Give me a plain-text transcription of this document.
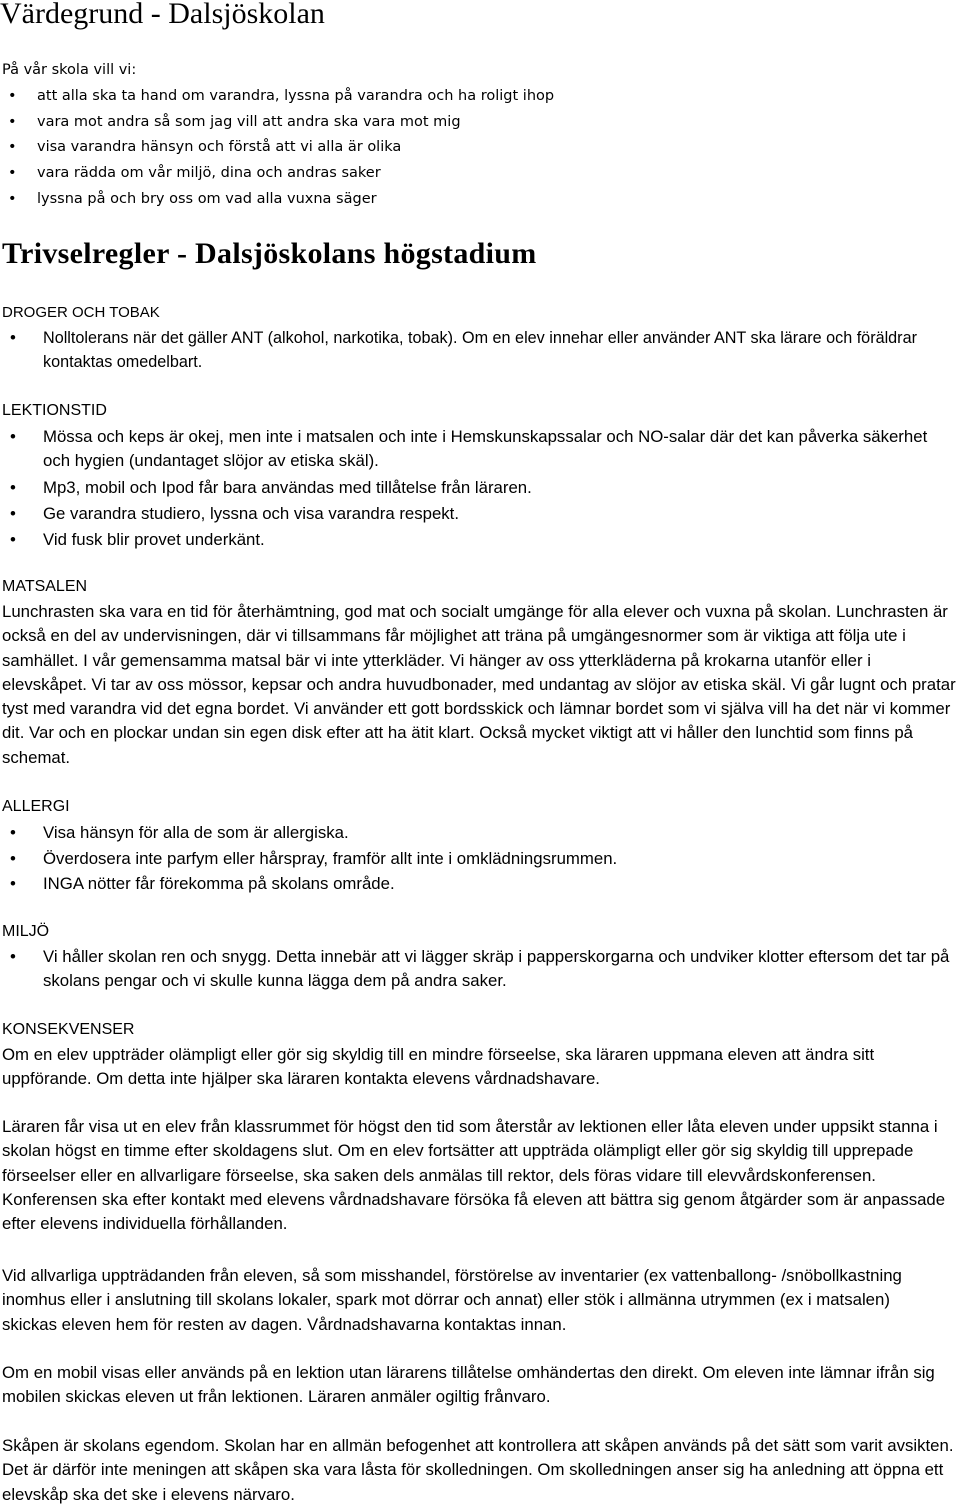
Värdegrund - Dalsjöskolan
På vår skola vill vi:
• att alla ska ta hand om varandra, lyssna på varandra och ha roligt ihop
• vara mot andra så som jag vill att andra ska vara mot mig
• visa varandra hänsyn och förstå att vi alla är olika
• vara rädda om vår miljö, dina och andras saker
• lyssna på och bry oss om vad alla vuxna säger
Trivselregler - Dalsjöskolans högstadium
DROGER OCH TOBAK
• Nolltolerans när det gäller ANT (alkohol, narkotika, tobak). Om en elev innehar eller använder ANT ska lärare och föräldrar kontaktas omedelbart.
LEKTIONSTID
• Mössa och keps är okej, men inte i matsalen och inte i Hemskunskapssalar och NO-salar där det kan påverka säkerhet och hygien (undantaget slöjor av etiska skäl).
• Mp3, mobil och Ipod får bara användas med tillåtelse från läraren.
• Ge varandra studiero, lyssna och visa varandra respekt.
• Vid fusk blir provet underkänt.
MATSALEN
Lunchrasten ska vara en tid för återhämtning, god mat och socialt umgänge för alla elever och vuxna på skolan. Lunchrasten är också en del av undervisningen, där vi tillsammans får möjlighet att träna på umgängesnormer som är viktiga att följa ute i samhället. I vår gemensamma matsal bär vi inte ytterkläder. Vi hänger av oss ytterkläderna på krokarna utanför eller i elevskåpet. Vi tar av oss mössor, kepsar och andra huvudbonader, med undantag av slöjor av etiska skäl. Vi går lugnt och pratar tyst med varandra vid det egna bordet. Vi använder ett gott bordsskick och lämnar bordet som vi själva vill ha det när vi kommer dit. Var och en plockar undan sin egen disk efter att ha ätit klart. Också mycket viktigt att vi håller den lunchtid som finns på schemat.
ALLERGI
• Visa hänsyn för alla de som är allergiska.
• Överdosera inte parfym eller hårspray, framför allt inte i omklädningsrummen.
• INGA nötter får förekomma på skolans område.
MILJÖ
• Vi håller skolan ren och snygg. Detta innebär att vi lägger skräp i papperskorgarna och undviker klotter eftersom det tar på skolans pengar och vi skulle kunna lägga dem på andra saker.
KONSEKVENSER
Om en elev uppträder olämpligt eller gör sig skyldig till en mindre förseelse, ska läraren uppmana eleven att ändra sitt uppförande. Om detta inte hjälper ska läraren kontakta elevens vårdnadshavare.
Läraren får visa ut en elev från klassrummet för högst den tid som återstår av lektionen eller låta eleven under uppsikt stanna i skolan högst en timme efter skoldagens slut. Om en elev fortsätter att uppträda olämpligt eller gör sig skyldig till upprepade förseelser eller en allvarligare förseelse, ska saken dels anmälas till rektor, dels föras vidare till elevvårdskonferensen. Konferensen ska efter kontakt med elevens vårdnadshavare försöka få eleven att bättra sig genom åtgärder som är anpassade efter elevens individuella förhållanden.
Vid allvarliga uppträdanden från eleven, så som misshandel, förstörelse av inventarier (ex vattenballong- /snöbollkastning inomhus eller i anslutning till skolans lokaler, spark mot dörrar och annat) eller stök i allmänna utrymmen (ex i matsalen) skickas eleven hem för resten av dagen. Vårdnadshavarna kontaktas innan.
Om en mobil visas eller används på en lektion utan lärarens tillåtelse omhändertas den direkt. Om eleven inte lämnar ifrån sig mobilen skickas eleven ut från lektionen. Läraren anmäler ogiltig frånvaro.
Skåpen är skolans egendom. Skolan har en allmän befogenhet att kontrollera att skåpen används på det sätt som varit avsikten. Det är därför inte meningen att skåpen ska vara låsta för skolledningen. Om skolledningen anser sig ha anledning att öppna ett elevskåp ska det ske i elevens närvaro.
